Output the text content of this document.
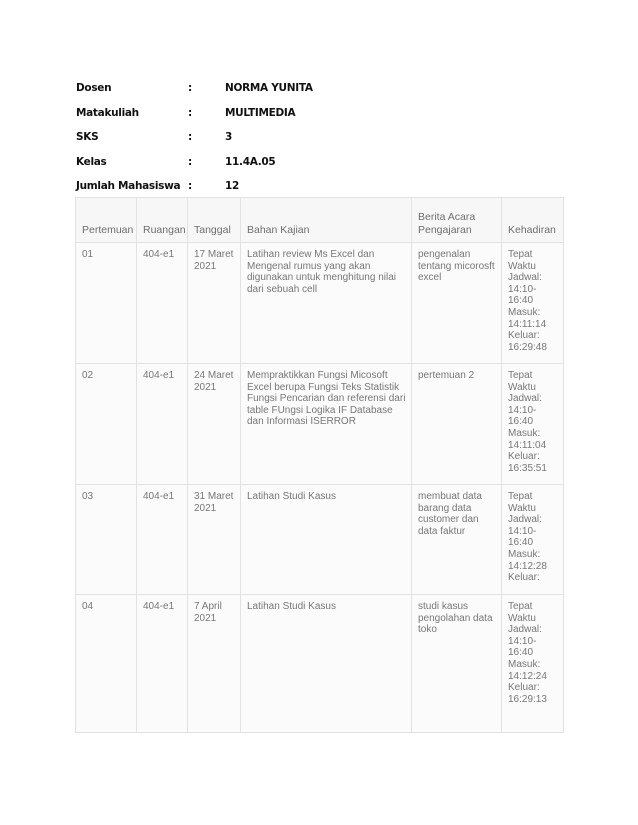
Dosen	:	NORMA YUNITA
Matakuliah	:	MULTIMEDIA
SKS	:	3
Kelas	:	11.4A.05
Jumlah Mahasiswa :	12
Pertemuan	Ruangan	Tanggal	Bahan Kajian	Berita Acara Pengajaran	Kehadiran
01	404-e1	17 Maret 2021	Latihan review Ms Excel dan Mengenal rumus yang akan digunakan untuk menghitung nilai dari sebuah cell	pengenalan tentang micorosft excel	Tepat Waktu Jadwal: 14:10-16:40 Masuk: 14:11:14 Keluar: 16:29:48
02	404-e1	24 Maret 2021	Mempraktikkan Fungsi Micosoft Excel berupa Fungsi Teks Statistik Fungsi Pencarian dan referensi dari table FUngsi Logika IF Database dan Informasi ISERROR	pertemuan 2	Tepat Waktu Jadwal: 14:10-16:40 Masuk: 14:11:04 Keluar: 16:35:51
03	404-e1	31 Maret 2021	Latihan Studi Kasus	membuat data barang data customer dan data faktur	Tepat Waktu Jadwal: 14:10-16:40 Masuk: 14:12:28 Keluar:
04	404-e1	7 April 2021	Latihan Studi Kasus	studi kasus pengolahan data toko	Tepat Waktu Jadwal: 14:10-16:40 Masuk: 14:12:24 Keluar: 16:29:13
